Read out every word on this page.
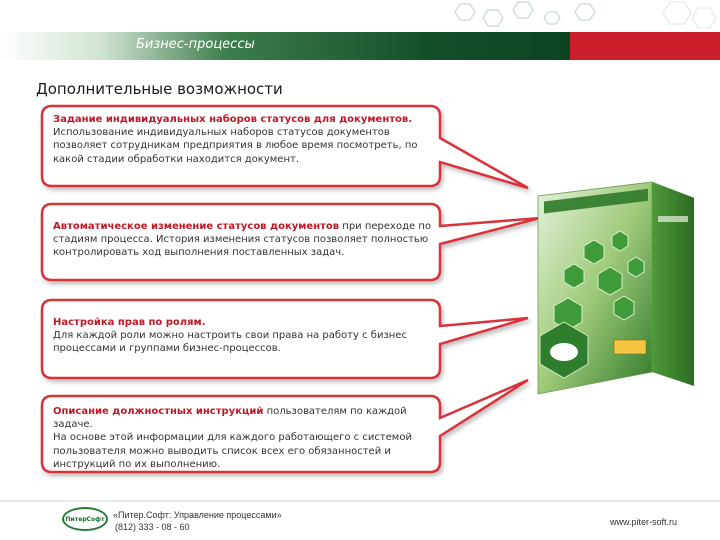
Бизнес-процессы
Дополнительные возможности
Задание индивидуальных наборов статусов для документов.
Использование индивидуальных наборов статусов документов
позволяет сотрудникам предприятия в любое время посмотреть, по
какой стадии обработки находится документ.
Автоматическое изменение статусов документов при переходе по
стадиям процесса. История изменения статусов позволяет полностью
контролировать ход выполнения поставленных задач.
Настройка прав по ролям.
Для каждой роли можно настроить свои права на работу с бизнес
процессами и группами бизнес-процессов.
Описание должностных инструкций пользователям по каждой задаче.
На основе этой информации для каждого работающего с системой
пользователя можно выводить список всех его обязанностей и
инструкций по их выполнению.
ПитерСофт «Питер.Софт: Управление процессами»
(812) 333 - 08 - 60	www.piter-soft.ru
